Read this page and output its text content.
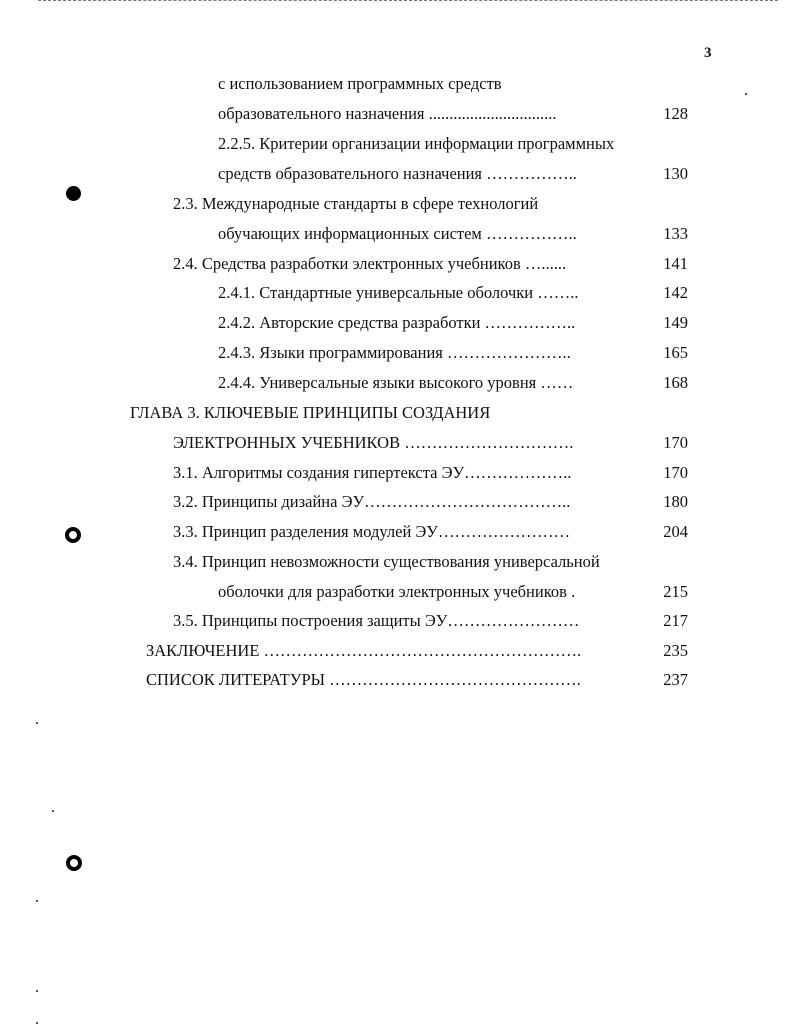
3
с использованием программных средств
образовательного назначения ...............................	128
2.2.5. Критерии организации информации программных
средств образовательного назначения ……………..	130
2.3. Международные стандарты в сфере технологий
обучающих информационных систем ……………..	133
2.4. Средства разработки электронных учебников …......	141
2.4.1. Стандартные универсальные оболочки ……..	142
2.4.2. Авторские средства разработки ……………..	149
2.4.3. Языки программирования …………………..	165
2.4.4. Универсальные языки высокого уровня ……	168
ГЛАВА 3. КЛЮЧЕВЫЕ ПРИНЦИПЫ СОЗДАНИЯ
ЭЛЕКТРОННЫХ УЧЕБНИКОВ ………………………….	170
3.1. Алгоритмы создания гипертекста ЭУ………………..	170
3.2. Принципы дизайна ЭУ………………………………..	180
3.3. Принцип разделения модулей ЭУ……………………	204
3.4. Принцип невозможности существования универсальной
оболочки для разработки электронных учебников .	215
3.5. Принципы построения защиты ЭУ……………………	217
ЗАКЛЮЧЕНИЕ ………………………………………………….	235
СПИСОК ЛИТЕРАТУРЫ ……………………………………….	237
